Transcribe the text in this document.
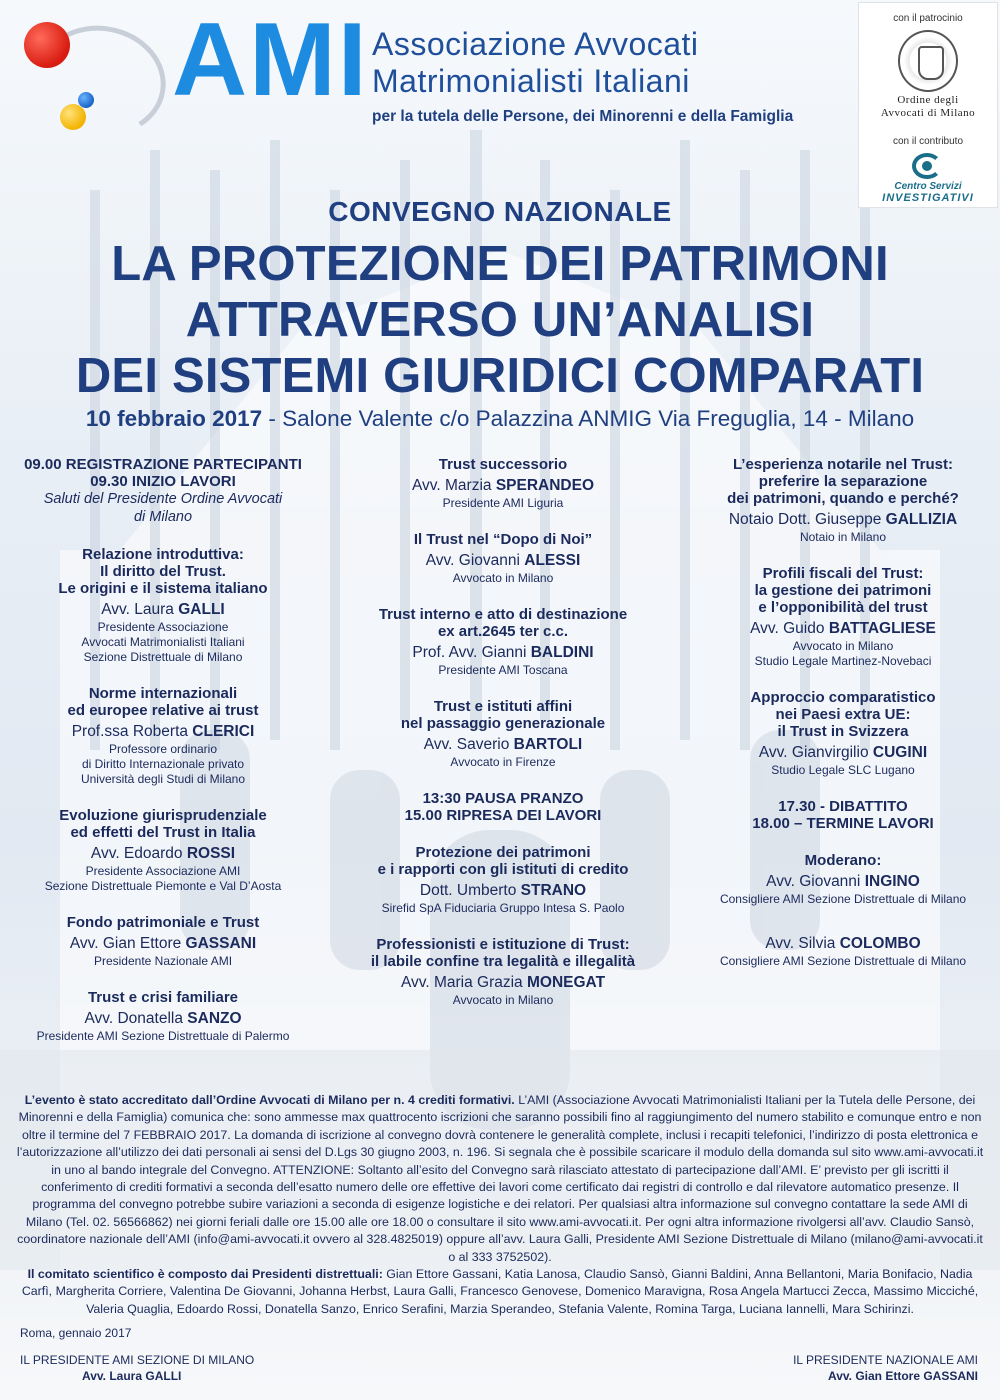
AMI Associazione Avvocati
Matrimonialisti Italiani
per la tutela delle Persone, dei Minorenni e della Famiglia
con il patrocinio
Ordine degli
Avvocati di Milano
con il contributo
Centro Servizi
INVESTIGATIVI
CONVEGNO NAZIONALE
LA PROTEZIONE DEI PATRIMONI
ATTRAVERSO UN’ANALISI
DEI SISTEMI GIURIDICI COMPARATI
10 febbraio 2017 - Salone Valente c/o Palazzina ANMIG Via Freguglia, 14 - Milano
09.00 REGISTRAZIONE PARTECIPANTI
09.30 INIZIO LAVORI
Saluti del Presidente Ordine Avvocati
di Milano
Relazione introduttiva:
Il diritto del Trust.
Le origini e il sistema italiano
Avv. Laura GALLI
Presidente Associazione
Avvocati Matrimonialisti Italiani
Sezione Distrettuale di Milano
Norme internazionali
ed europee relative ai trust
Prof.ssa Roberta CLERICI
Professore ordinario
di Diritto Internazionale privato
Università degli Studi di Milano
Evoluzione giurisprudenziale
ed effetti del Trust in Italia
Avv. Edoardo ROSSI
Presidente Associazione AMI
Sezione Distrettuale Piemonte e Val D’Aosta
Fondo patrimoniale e Trust
Avv. Gian Ettore GASSANI
Presidente Nazionale AMI
Trust e crisi familiare
Avv. Donatella SANZO
Presidente AMI Sezione Distrettuale di Palermo
Trust successorio
Avv. Marzia SPERANDEO
Presidente AMI Liguria
Il Trust nel “Dopo di Noi”
Avv. Giovanni ALESSI
Avvocato in Milano
Trust interno e atto di destinazione
ex art.2645 ter c.c.
Prof. Avv. Gianni BALDINI
Presidente AMI Toscana
Trust e istituti affini
nel passaggio generazionale
Avv. Saverio BARTOLI
Avvocato in Firenze
13:30 PAUSA PRANZO
15.00 RIPRESA DEI LAVORI
Protezione dei patrimoni
e i rapporti con gli istituti di credito
Dott. Umberto STRANO
Sirefid SpA Fiduciaria Gruppo Intesa S. Paolo
Professionisti e istituzione di Trust:
il labile confine tra legalità e illegalità
Avv. Maria Grazia MONEGAT
Avvocato in Milano
L’esperienza notarile nel Trust:
preferire la separazione
dei patrimoni, quando e perché?
Notaio Dott. Giuseppe GALLIZIA
Notaio in Milano
Profili fiscali del Trust:
la gestione dei patrimoni
e l’opponibilità del trust
Avv. Guido BATTAGLIESE
Avvocato in Milano
Studio Legale Martinez-Novebaci
Approccio comparatistico
nei Paesi extra UE:
il Trust in Svizzera
Avv. Gianvirgilio CUGINI
Studio Legale SLC Lugano
17.30 - DIBATTITO
18.00 – TERMINE LAVORI
Moderano:
Avv. Giovanni INGINO
Consigliere AMI Sezione Distrettuale di Milano
Avv. Silvia COLOMBO
Consigliere AMI Sezione Distrettuale di Milano

L’evento è stato accreditato dall’Ordine Avvocati di Milano per n. 4 crediti formativi. L’AMI (Associazione Avvocati Matrimonialisti Italiani per la Tutela delle Persone, dei Minorenni e della Famiglia) comunica che: sono ammesse max quattrocento iscrizioni che saranno possibili fino al raggiungimento del numero stabilito e comunque entro e non oltre il termine del 7 FEBBRAIO 2017. La domanda di iscrizione al convegno dovrà contenere le generalità complete, inclusi i recapiti telefonici, l’indirizzo di posta elettronica e l’autorizzazione all’utilizzo dei dati personali ai sensi del D.Lgs 30 giugno 2003, n. 196. Si segnala che è possibile scaricare il modulo della domanda sul sito www.ami-avvocati.it in uno al bando integrale del Convegno. ATTENZIONE: Soltanto all’esito del Convegno sarà rilasciato attestato di partecipazione dall’AMI. E’ previsto per gli iscritti il conferimento di crediti formativi a seconda dell’esatto numero delle ore effettive dei lavori come certificato dai registri di controllo e dal rilevatore automatico presenze. Il programma del convegno potrebbe subire variazioni a seconda di esigenze logistiche e dei relatori. Per qualsiasi altra informazione sul convegno contattare la sede AMI di Milano (Tel. 02. 56566862) nei giorni feriali dalle ore 15.00 alle ore 18.00 o consultare il sito www.ami-avvocati.it. Per ogni altra informazione rivolgersi all’avv. Claudio Sansò, coordinatore nazionale dell’AMI (info@ami-avvocati.it ovvero al 328.4825019) oppure all’avv. Laura Galli, Presidente AMI Sezione Distrettuale di Milano (milano@ami-avvocati.it o al 333 3752502).

Il comitato scientifico è composto dai Presidenti distrettuali: Gian Ettore Gassani, Katia Lanosa, Claudio Sansò, Gianni Baldini, Anna Bellantoni, Maria Bonifacio, Nadia Carfì, Margherita Corriere, Valentina De Giovanni, Johanna Herbst, Laura Galli, Francesco Genovese, Domenico Maravigna, Rosa Angela Martucci Zecca, Massimo Micciché, Valeria Quaglia, Edoardo Rossi, Donatella Sanzo, Enrico Serafini, Marzia Sperandeo, Stefania Valente, Romina Targa, Luciana Iannelli, Mara Schirinzi.

Roma, gennaio 2017
IL PRESIDENTE AMI SEZIONE DI MILANO
Avv. Laura GALLI
IL PRESIDENTE NAZIONALE AMI
Avv. Gian Ettore GASSANI
